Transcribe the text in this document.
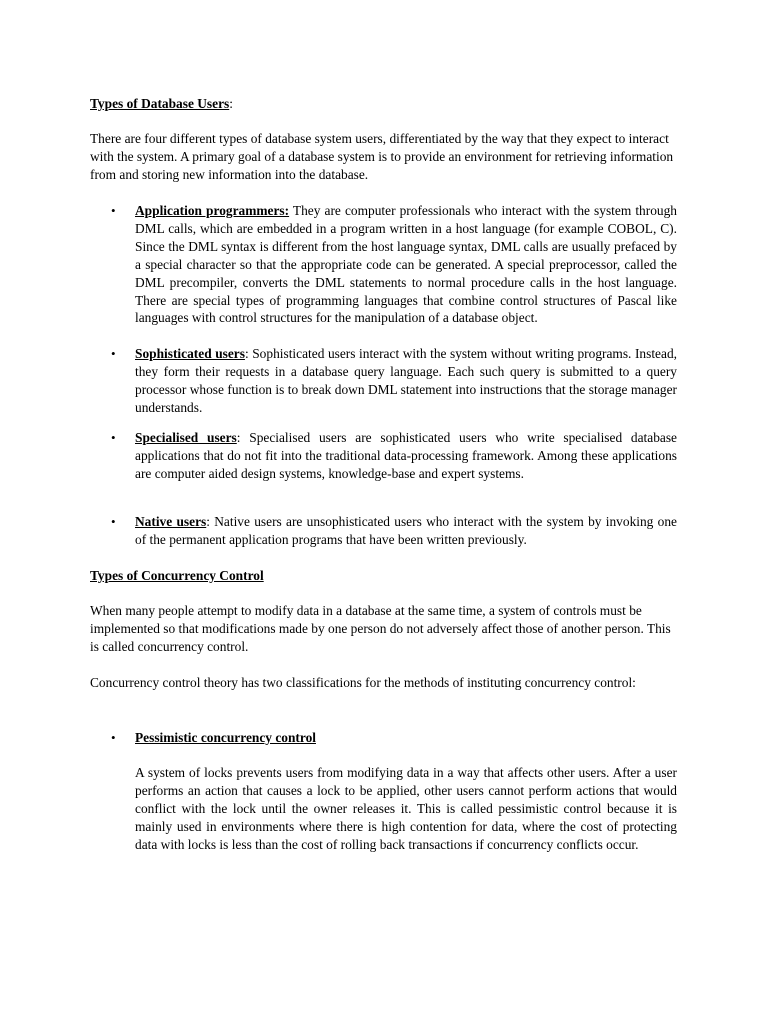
Types of Database Users:
There are four different types of database system users, differentiated by the way that they expect to interact with the system. A primary goal of a database system is to provide an environment for retrieving information from and storing new information into the database.
•	Application programmers: They are computer professionals who interact with the system through DML calls, which are embedded in a program written in a host language (for example COBOL, C). Since the DML syntax is different from the host language syntax, DML calls are usually prefaced by a special character so that the appropriate code can be generated. A special preprocessor, called the DML precompiler, converts the DML statements to normal procedure calls in the host language. There are special types of programming languages that combine control structures of Pascal like languages with control structures for the manipulation of a database object.
•	Sophisticated users: Sophisticated users interact with the system without writing programs. Instead, they form their requests in a database query language. Each such query is submitted to a query processor whose function is to break down DML statement into instructions that the storage manager understands.
•	Specialised users: Specialised users are sophisticated users who write specialised database applications that do not fit into the traditional data-processing framework. Among these applications are computer aided design systems, knowledge-base and expert systems.
•	Native users: Native users are unsophisticated users who interact with the system by invoking one of the permanent application programs that have been written previously.
Types of Concurrency Control
When many people attempt to modify data in a database at the same time, a system of controls must be implemented so that modifications made by one person do not adversely affect those of another person. This is called concurrency control.
Concurrency control theory has two classifications for the methods of instituting concurrency control:
•	Pessimistic concurrency control
A system of locks prevents users from modifying data in a way that affects other users. After a user performs an action that causes a lock to be applied, other users cannot perform actions that would conflict with the lock until the owner releases it. This is called pessimistic control because it is mainly used in environments where there is high contention for data, where the cost of protecting data with locks is less than the cost of rolling back transactions if concurrency conflicts occur.
